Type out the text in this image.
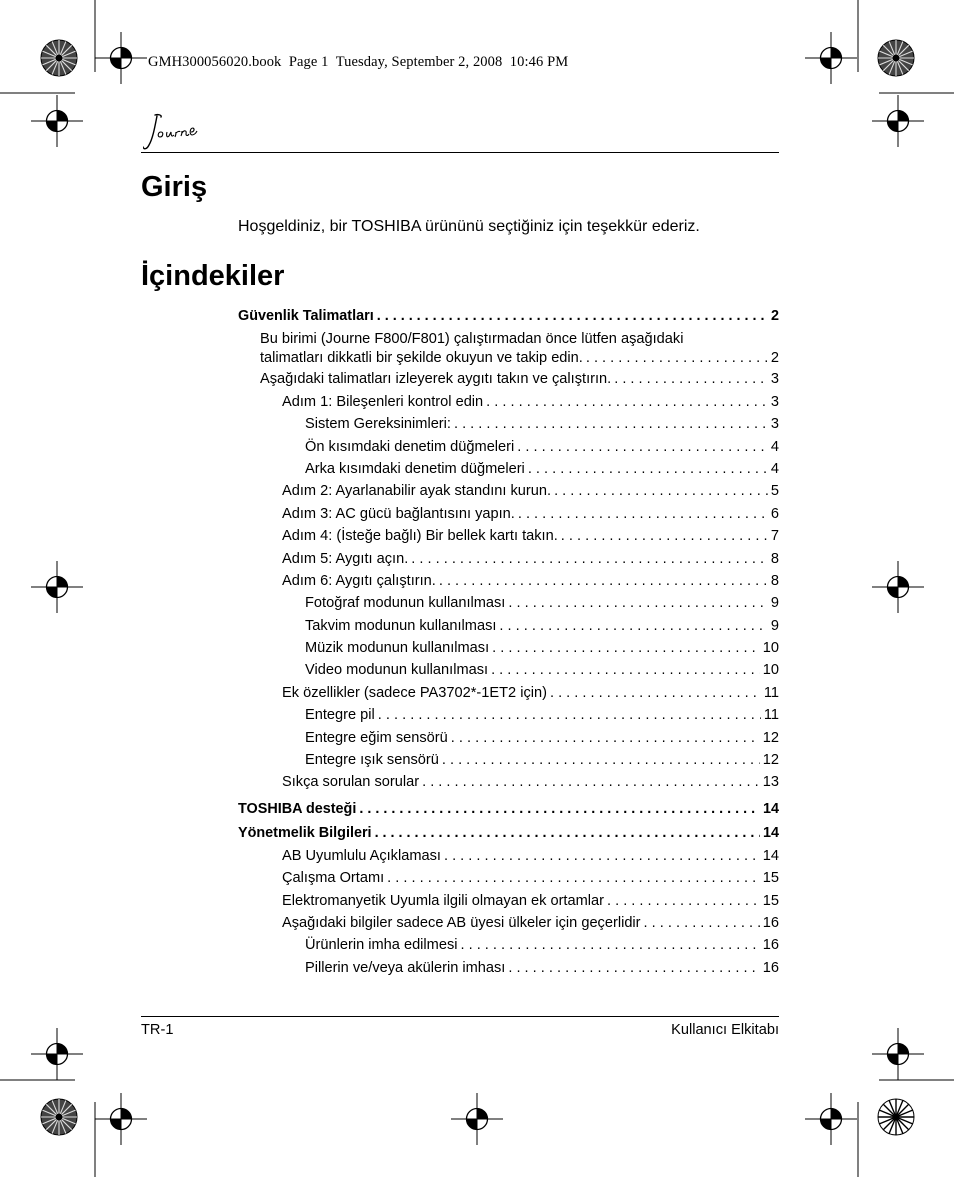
GMH300056020.book  Page 1  Tuesday, September 2, 2008  10:46 PM
Journe
Giriş
Hoşgeldiniz, bir TOSHIBA ürününü seçtiğiniz için teşekkür ederiz.
İçindekiler
Güvenlik Talimatları . . .	2
Bu birimi (Journe F800/F801) çalıştırmadan önce lütfen aşağıdaki
talimatları dikkatli bir şekilde okuyun ve takip edin. . . .	2
Aşağıdaki talimatları izleyerek aygıtı takın ve çalıştırın. . . .	3
Adım 1: Bileşenleri kontrol edin . . .	3
Sistem Gereksinimleri: . . .	3
Ön kısımdaki denetim düğmeleri . . .	4
Arka kısımdaki denetim düğmeleri . . .	4
Adım 2: Ayarlanabilir ayak standını kurun. . . .	5
Adım 3: AC gücü bağlantısını yapın. . . .	6
Adım 4: (İsteğe bağlı) Bir bellek kartı takın. . . .	7
Adım 5: Aygıtı açın. . . .	8
Adım 6: Aygıtı çalıştırın. . . .	8
Fotoğraf modunun kullanılması . . .	9
Takvim modunun kullanılması . . .	9
Müzik modunun kullanılması . . .	10
Video modunun kullanılması . . .	10
Ek özellikler (sadece PA3702*-1ET2 için) . . .	11
Entegre pil . . .	11
Entegre eğim sensörü . . .	12
Entegre ışık sensörü . . .	12
Sıkça sorulan sorular . . .	13
TOSHIBA desteği . . .	14
Yönetmelik Bilgileri . . .	14
AB Uyumlulu Açıklaması . . .	14
Çalışma Ortamı . . .	15
Elektromanyetik Uyumla ilgili olmayan ek ortamlar . . .	15
Aşağıdaki bilgiler sadece AB üyesi ülkeler için geçerlidir . . .	16
Ürünlerin imha edilmesi . . .	16
Pillerin ve/veya akülerin imhası . . .	16
TR-1	Kullanıcı Elkitabı
